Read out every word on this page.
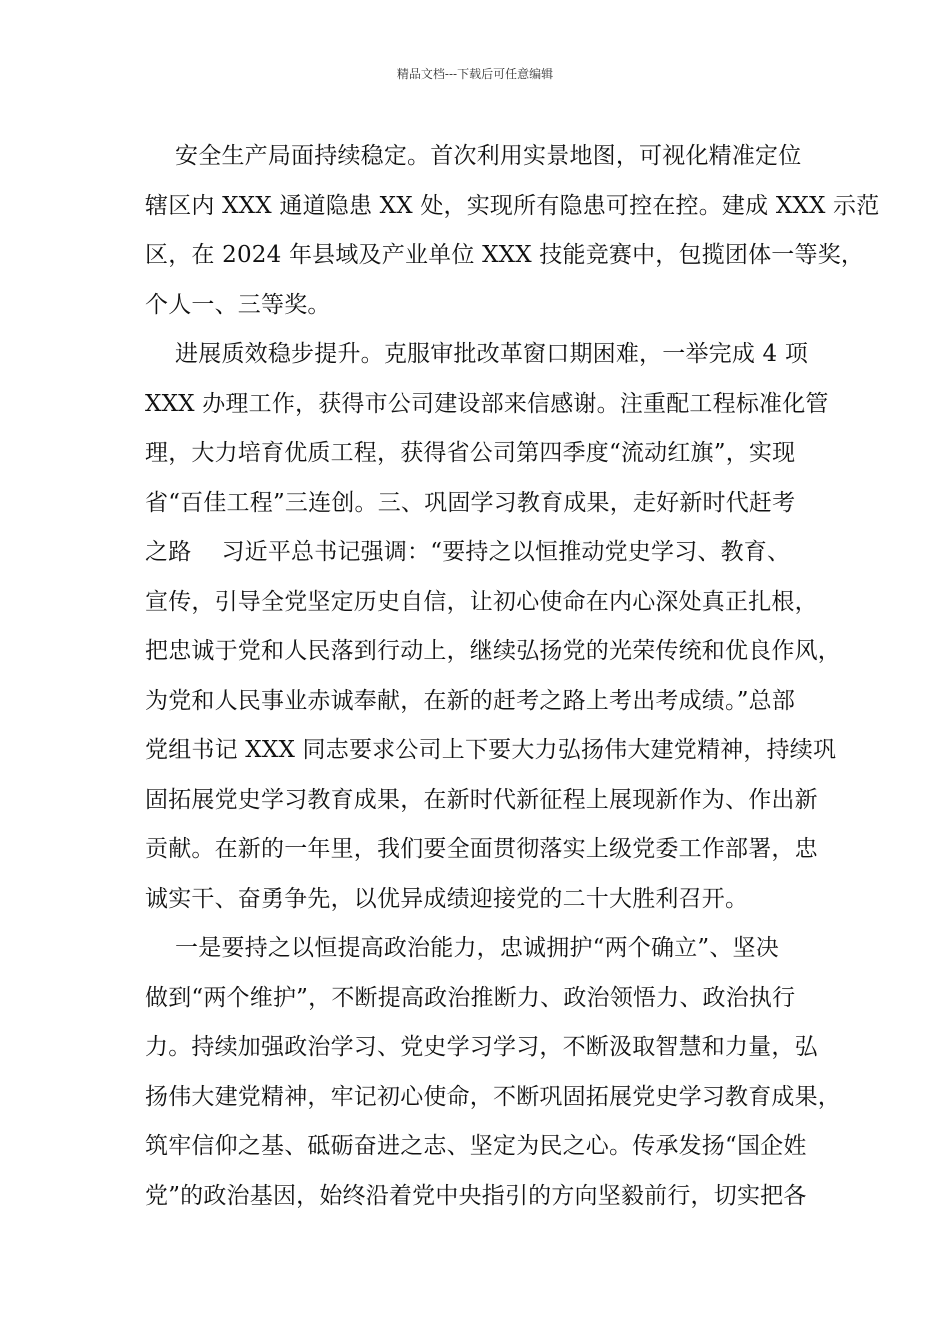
精品文档---下载后可任意编辑
安全生产局面持续稳定。首次利用实景地图，可视化精准定位
辖区内 XXX 通道隐患 XX 处，实现所有隐患可控在控。建成 XXX 示范
区，在 2024 年县域及产业单位 XXX 技能竞赛中，包揽团体一等奖，
个人一、三等奖。
进展质效稳步提升。克服审批改革窗口期困难，一举完成 4 项
XXX 办理工作，获得市公司建设部来信感谢。注重配工程标准化管
理，大力培育优质工程，获得省公司第四季度“流动红旗”，实现
省“百佳工程”三连创。三、巩固学习教育成果，走好新时代赶考
之路    习近平总书记强调：“要持之以恒推动党史学习、教育、
宣传，引导全党坚定历史自信，让初心使命在内心深处真正扎根，
把忠诚于党和人民落到行动上，继续弘扬党的光荣传统和优良作风，
为党和人民事业赤诚奉献，在新的赶考之路上考出考成绩。”总部
党组书记 XXX 同志要求公司上下要大力弘扬伟大建党精神，持续巩
固拓展党史学习教育成果，在新时代新征程上展现新作为、作出新
贡献。在新的一年里，我们要全面贯彻落实上级党委工作部署，忠
诚实干、奋勇争先，以优异成绩迎接党的二十大胜利召开。
一是要持之以恒提高政治能力，忠诚拥护“两个确立”、坚决
做到“两个维护”，不断提高政治推断力、政治领悟力、政治执行
力。持续加强政治学习、党史学习学习，不断汲取智慧和力量，弘
扬伟大建党精神，牢记初心使命，不断巩固拓展党史学习教育成果，
筑牢信仰之基、砥砺奋进之志、坚定为民之心。传承发扬“国企姓
党”的政治基因，始终沿着党中央指引的方向坚毅前行，切实把各
